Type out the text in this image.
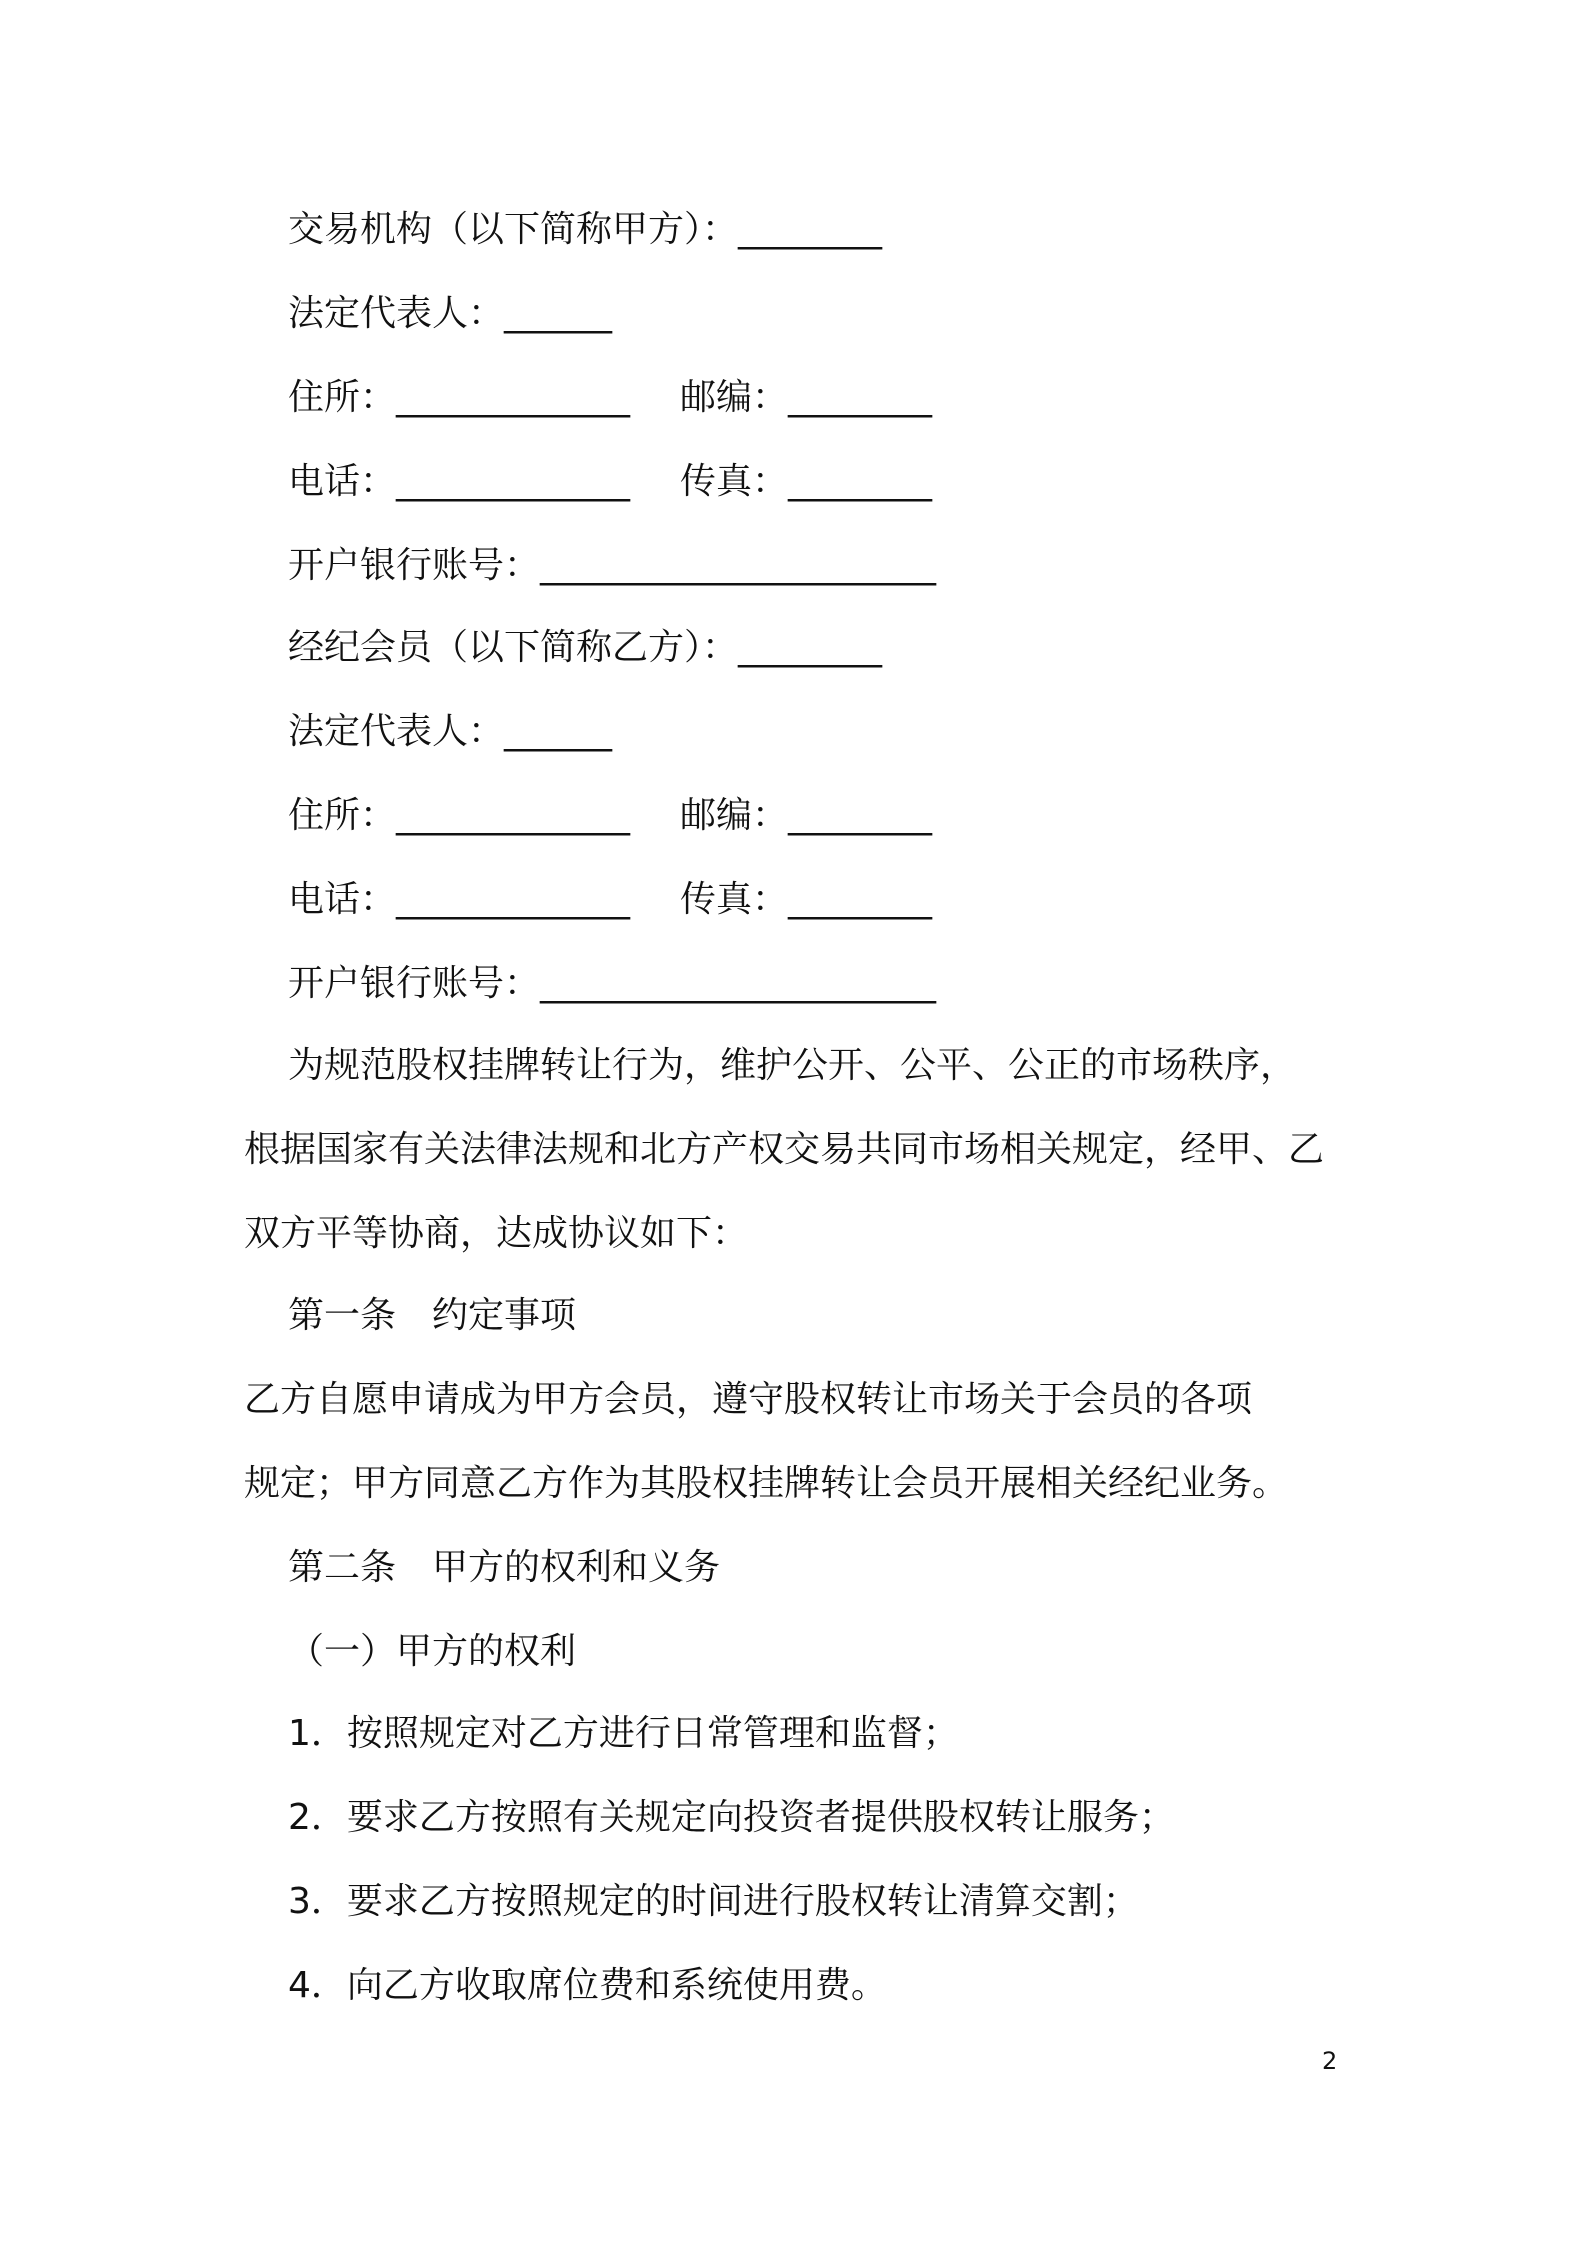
交易机构（以下简称甲方）：________
法定代表人：______
住所：_____________ 邮编：________
电话：_____________ 传真：________
开户银行账号：______________________
经纪会员（以下简称乙方）：________
法定代表人：______
住所：_____________ 邮编：________
电话：_____________ 传真：________
开户银行账号：______________________
为规范股权挂牌转让行为，维护公开、公平、公正的市场秩序，
根据国家有关法律法规和北方产权交易共同市场相关规定，经甲、乙
双方平等协商，达成协议如下：
第一条　约定事项
乙方自愿申请成为甲方会员，遵守股权转让市场关于会员的各项
规定；甲方同意乙方作为其股权挂牌转让会员开展相关经纪业务。
第二条　甲方的权利和义务
（一）甲方的权利
1．按照规定对乙方进行日常管理和监督；
2．要求乙方按照有关规定向投资者提供股权转让服务；
3．要求乙方按照规定的时间进行股权转让清算交割；
4．向乙方收取席位费和系统使用费。
2
